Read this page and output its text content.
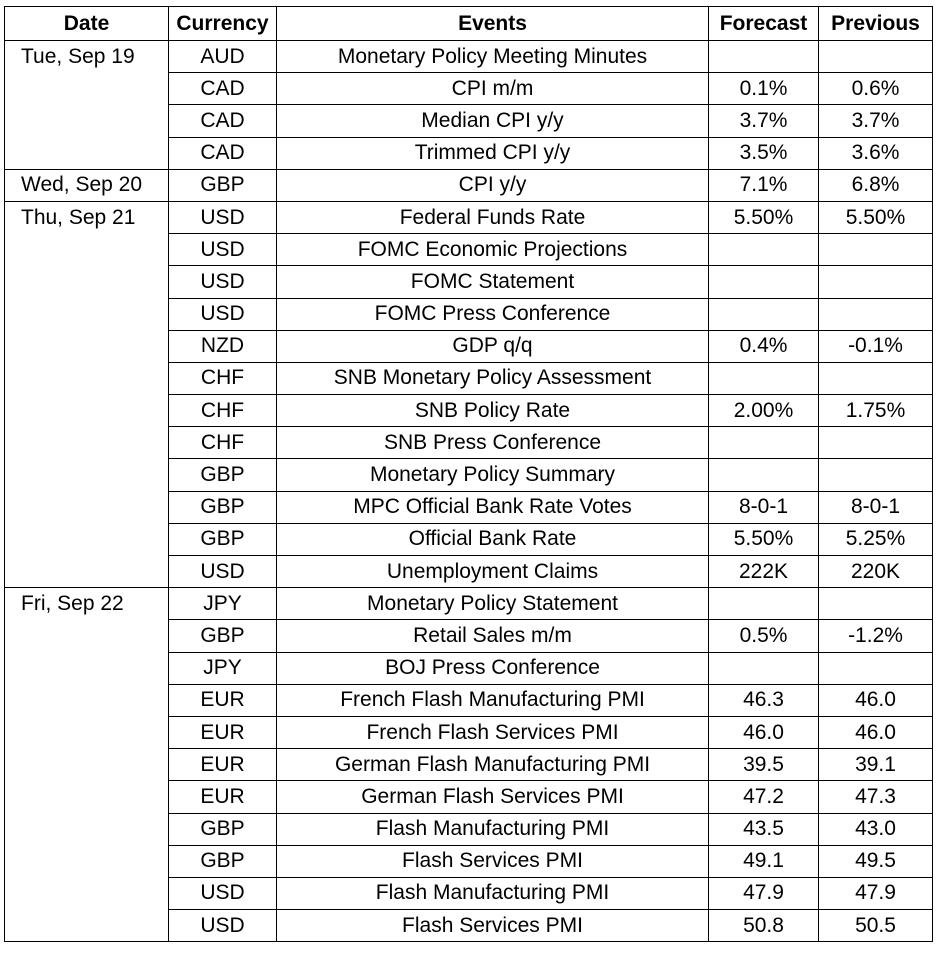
Date	Currency	Events	Forecast	Previous
Tue, Sep 19	AUD	Monetary Policy Meeting Minutes		
	CAD	CPI m/m	0.1%	0.6%
	CAD	Median CPI y/y	3.7%	3.7%
	CAD	Trimmed CPI y/y	3.5%	3.6%
Wed, Sep 20	GBP	CPI y/y	7.1%	6.8%
Thu, Sep 21	USD	Federal Funds Rate	5.50%	5.50%
	USD	FOMC Economic Projections		
	USD	FOMC Statement		
	USD	FOMC Press Conference		
	NZD	GDP q/q	0.4%	-0.1%
	CHF	SNB Monetary Policy Assessment		
	CHF	SNB Policy Rate	2.00%	1.75%
	CHF	SNB Press Conference		
	GBP	Monetary Policy Summary		
	GBP	MPC Official Bank Rate Votes	8-0-1	8-0-1
	GBP	Official Bank Rate	5.50%	5.25%
	USD	Unemployment Claims	222K	220K
Fri, Sep 22	JPY	Monetary Policy Statement		
	GBP	Retail Sales m/m	0.5%	-1.2%
	JPY	BOJ Press Conference		
	EUR	French Flash Manufacturing PMI	46.3	46.0
	EUR	French Flash Services PMI	46.0	46.0
	EUR	German Flash Manufacturing PMI	39.5	39.1
	EUR	German Flash Services PMI	47.2	47.3
	GBP	Flash Manufacturing PMI	43.5	43.0
	GBP	Flash Services PMI	49.1	49.5
	USD	Flash Manufacturing PMI	47.9	47.9
	USD	Flash Services PMI	50.8	50.5
